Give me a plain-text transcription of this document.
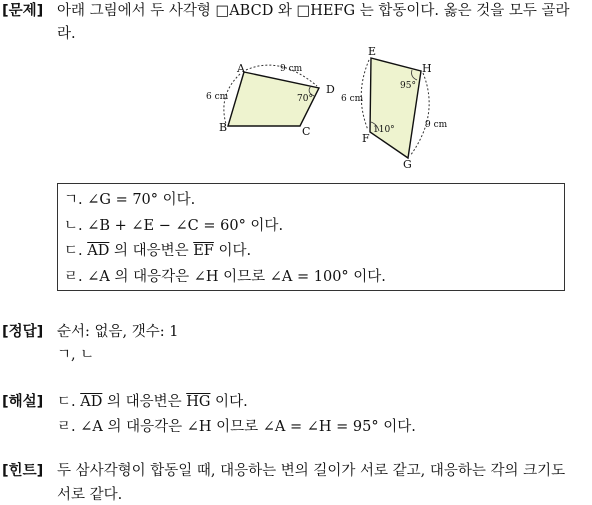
[문제] 아래 그림에서 두 사각형 □ABCD 와 □HEFG 는 합동이다. 옳은 것을 모두 골라
라.
A
B	C
D
9 cm
6 cm	70°
E
H
F
G
6 cm
9 cm
95°
110°
ㄱ. ∠G = 70° 이다.
ㄴ. ∠B + ∠E − ∠C = 60° 이다.
ㄷ. $\overline{AD}$ 의 대응변은 $\overline{EF}$ 이다.
ㄹ. ∠A 의 대응각은 ∠H 이므로 ∠A = 100° 이다.
[정답] 순서: 없음, 갯수: 1
ㄱ, ㄴ
[해설] ㄷ. $\overline{AD}$ 의 대응변은 $\overline{HG}$ 이다.
ㄹ. ∠A 의 대응각은 ∠H 이므로 ∠A = ∠H = 95° 이다.
[힌트] 두 삼사각형이 합동일 때, 대응하는 변의 길이가 서로 같고, 대응하는 각의 크기도
서로 같다.
